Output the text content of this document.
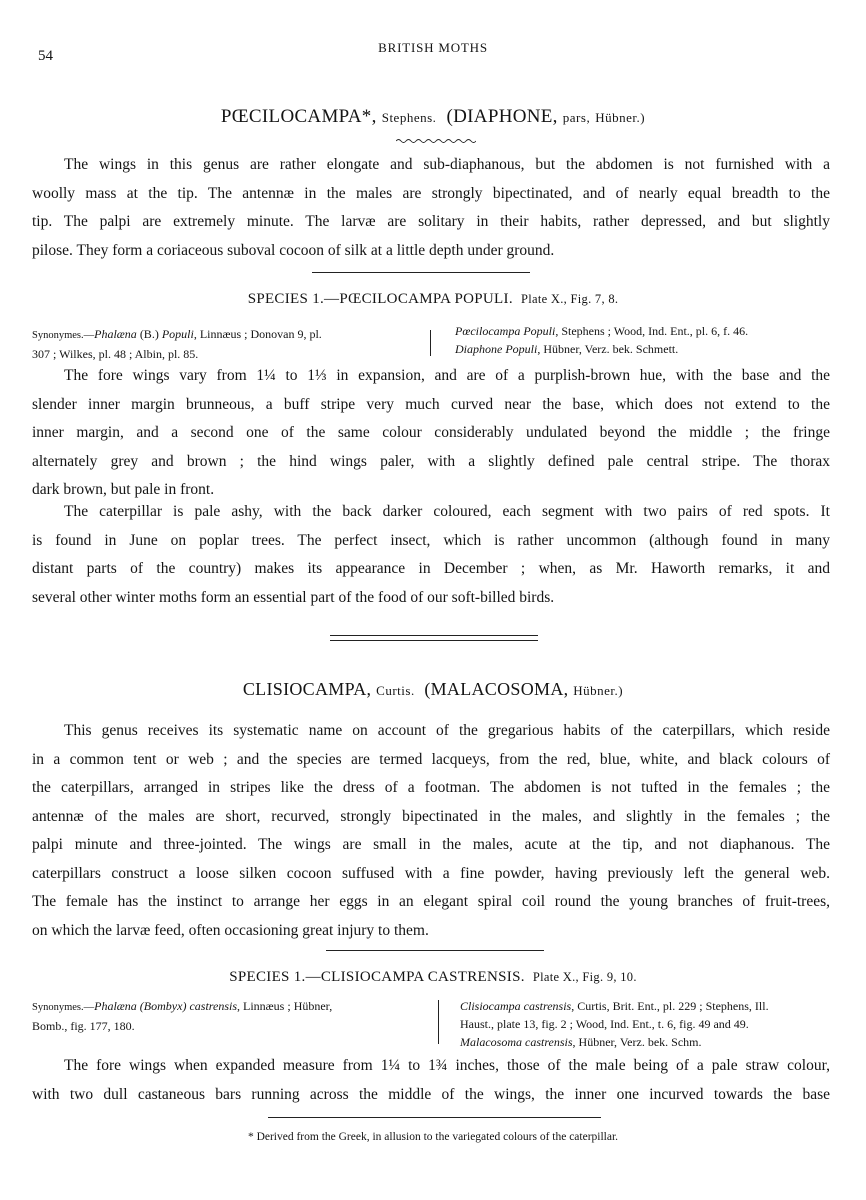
54
BRITISH MOTHS
PŒCILOCAMPA*, Stephens. (DIAPHONE, pars, Hübner.)
The wings in this genus are rather elongate and sub-diaphanous, but the abdomen is not furnished with a
woolly mass at the tip. The antennæ in the males are strongly bipectinated, and of nearly equal breadth to the
tip. The palpi are extremely minute. The larvæ are solitary in their habits, rather depressed, and but slightly
pilose. They form a coriaceous suboval cocoon of silk at a little depth under ground.
SPECIES 1.—PŒCILOCAMPA POPULI. Plate X., Fig. 7, 8.
Synonymes.—Phalæna (B.) Populi, Linnæus ; Donovan 9, pl.
307 ; Wilkes, pl. 48 ; Albin, pl. 85.
Pœcilocampa Populi, Stephens ; Wood, Ind. Ent., pl. 6, f. 46.
Diaphone Populi, Hübner, Verz. bek. Schmett.
The fore wings vary from 1¼ to 1⅓ in expansion, and are of a purplish-brown hue, with the base and the
slender inner margin brunneous, a buff stripe very much curved near the base, which does not extend to the
inner margin, and a second one of the same colour considerably undulated beyond the middle ; the fringe
alternately grey and brown ; the hind wings paler, with a slightly defined pale central stripe. The thorax
dark brown, but pale in front.
The caterpillar is pale ashy, with the back darker coloured, each segment with two pairs of red spots. It
is found in June on poplar trees. The perfect insect, which is rather uncommon (although found in many
distant parts of the country) makes its appearance in December ; when, as Mr. Haworth remarks, it and
several other winter moths form an essential part of the food of our soft-billed birds.
CLISIOCAMPA, Curtis. (MALACOSOMA, Hübner.)
This genus receives its systematic name on account of the gregarious habits of the caterpillars, which reside
in a common tent or web ; and the species are termed lacqueys, from the red, blue, white, and black colours of
the caterpillars, arranged in stripes like the dress of a footman. The abdomen is not tufted in the females ; the
antennæ of the males are short, recurved, strongly bipectinated in the males, and slightly in the females ; the
palpi minute and three-jointed. The wings are small in the males, acute at the tip, and not diaphanous. The
caterpillars construct a loose silken cocoon suffused with a fine powder, having previously left the general web.
The female has the instinct to arrange her eggs in an elegant spiral coil round the young branches of fruit-trees,
on which the larvæ feed, often occasioning great injury to them.
SPECIES 1.—CLISIOCAMPA CASTRENSIS. Plate X., Fig. 9, 10.
Synonymes.—Phalæna (Bombyx) castrensis, Linnæus ; Hübner,
Bomb., fig. 177, 180.
Clisiocampa castrensis, Curtis, Brit. Ent., pl. 229 ; Stephens, Ill.
Haust., plate 13, fig. 2 ; Wood, Ind. Ent., t. 6, fig. 49 and 49.
Malacosoma castrensis, Hübner, Verz. bek. Schm.
The fore wings when expanded measure from 1¼ to 1¾ inches, those of the male being of a pale straw colour,
with two dull castaneous bars running across the middle of the wings, the inner one incurved towards the base
* Derived from the Greek, in allusion to the variegated colours of the caterpillar.
